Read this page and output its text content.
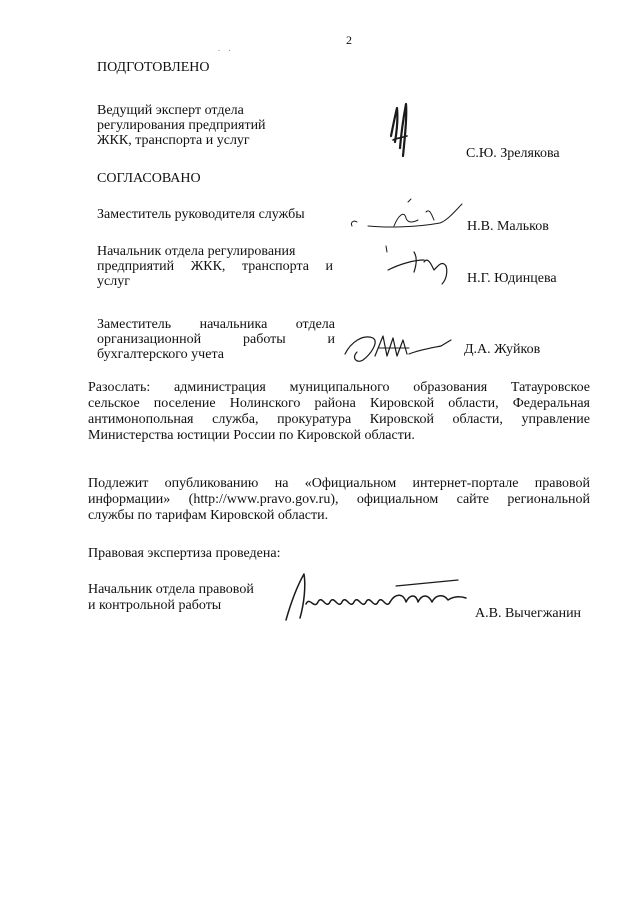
2
. .
ПОДГОТОВЛЕНО
Ведущий эксперт отдела
регулирования предприятий
ЖКК, транспорта и услуг
С.Ю. Зрелякова
СОГЛАСОВАНО
Заместитель руководителя службы
Н.В. Мальков
Начальник отдела регулирования
предприятий ЖКК, транспорта и
услуг	Н.Г. Юдинцева
Заместитель начальника отдела
организационной работы и
бухгалтерского учета	Д.А. Жуйков
Разослать: администрация муниципального образования Татауровское
сельское поселение Нолинского района Кировской области, Федеральная
антимонопольная служба, прокуратура Кировской области, управление
Министерства юстиции России по Кировской области.
Подлежит опубликованию на «Официальном интернет-портале правовой
информации» (http://www.pravo.gov.ru), официальном сайте региональной
службы по тарифам Кировской области.
Правовая экспертиза проведена:
Начальник отдела правовой
и контрольной работы
А.В. Вычегжанин
